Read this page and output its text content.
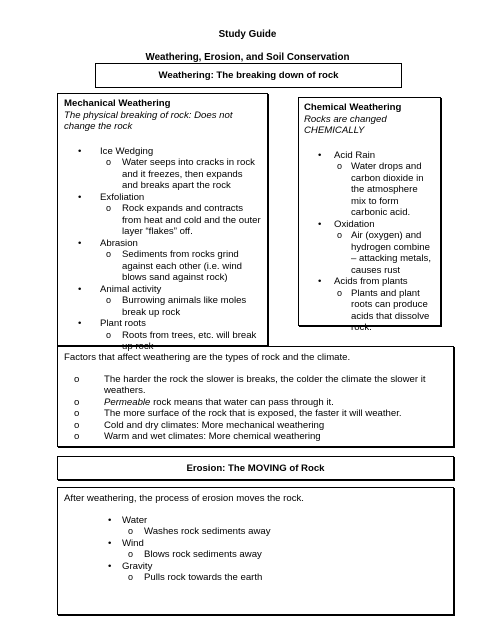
Study Guide
Weathering, Erosion, and Soil Conservation
Weathering: The breaking down of rock

Mechanical Weathering

The physical breaking of rock: Does not change the rock

• Ice Wedging
o Water seeps into cracks in rock and it freezes, then expands and breaks apart the rock
• Exfoliation
o Rock expands and contracts from heat and cold and the outer layer “flakes” off.
• Abrasion
o Sediments from rocks grind against each other (i.e. wind blows sand against rock)
• Animal activity
o Burrowing animals like moles break up rock
• Plant roots
o Roots from trees, etc. will break up rock

Chemical Weathering

Rocks are changed
CHEMICALLY

• Acid Rain
o Water drops and carbon dioxide in the atmosphere mix to form carbonic acid.
• Oxidation
o Air (oxygen) and hydrogen combine – attacking metals, causes rust
• Acids from plants
o Plants and plant roots can produce acids that dissolve rock.

Factors that affect weathering are the types of rock and the climate.

o	The harder the rock the slower is breaks, the colder the climate the slower it weathers.
o	Permeable rock means that water can pass through it.
o	The more surface of the rock that is exposed, the faster it will weather.
o	Cold and dry climates: More mechanical weathering
o	Warm and wet climates: More chemical weathering
Erosion: The MOVING of Rock

After weathering, the process of erosion moves the rock.

• Water
o Washes rock sediments away
• Wind
o Blows rock sediments away
• Gravity
o Pulls rock towards the earth
